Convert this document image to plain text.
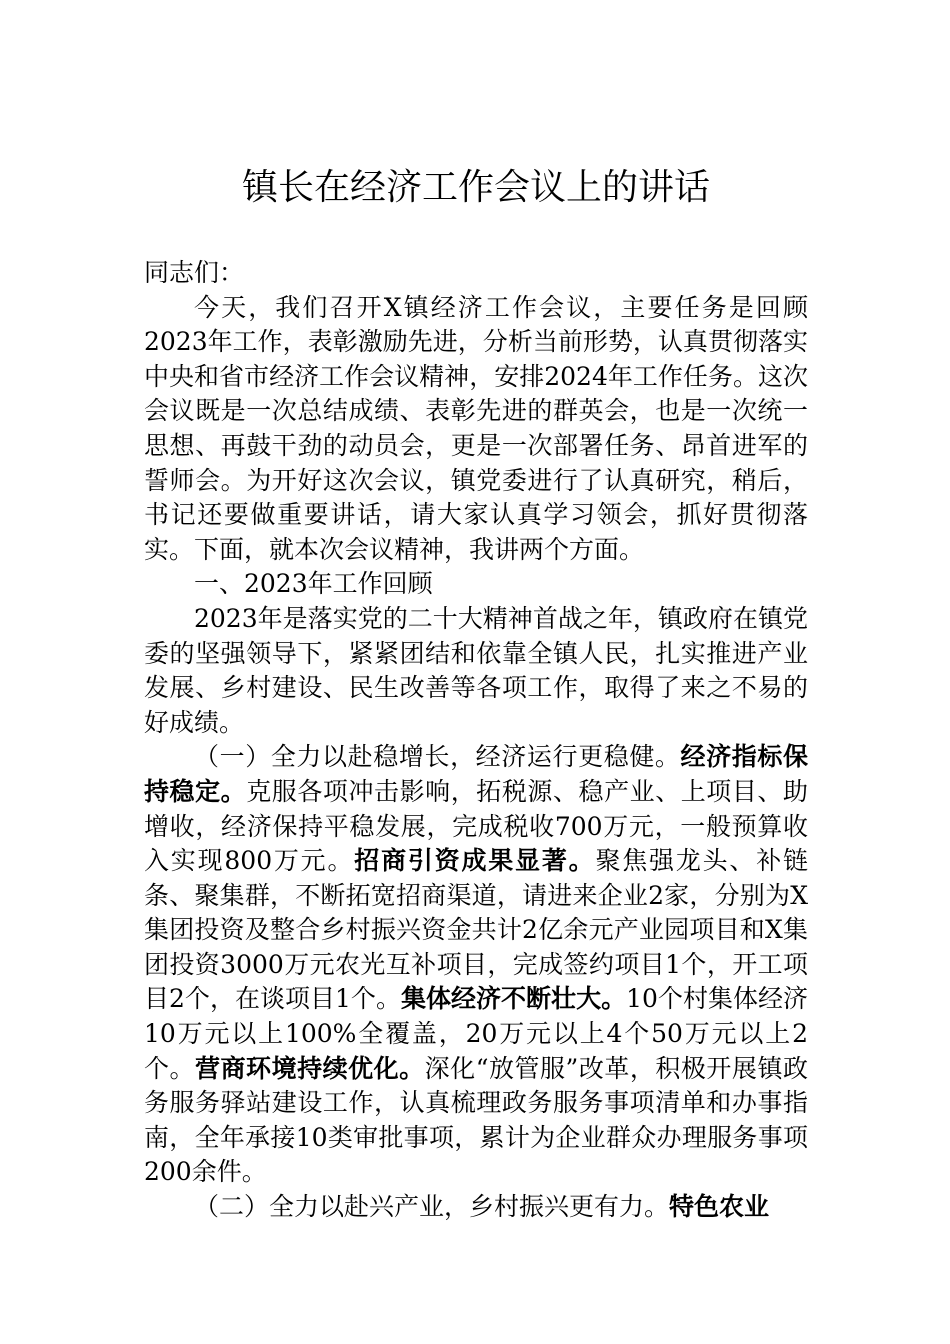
镇长在经济工作会议上的讲话

同志们：

今天，我们召开X镇经济工作会议，主要任务是回顾2023年工作，表彰激励先进，分析当前形势，认真贯彻落实中央和省市经济工作会议精神，安排2024年工作任务。这次会议既是一次总结成绩、表彰先进的群英会，也是一次统一思想、再鼓干劲的动员会，更是一次部署任务、昂首进军的誓师会。为开好这次会议，镇党委进行了认真研究，稍后，书记还要做重要讲话，请大家认真学习领会，抓好贯彻落实。下面，就本次会议精神，我讲两个方面。

一、2023年工作回顾

2023年是落实党的二十大精神首战之年，镇政府在镇党委的坚强领导下，紧紧团结和依靠全镇人民，扎实推进产业发展、乡村建设、民生改善等各项工作，取得了来之不易的好成绩。

（一）全力以赴稳增长，经济运行更稳健。经济指标保持稳定。克服各项冲击影响，拓税源、稳产业、上项目、助增收，经济保持平稳发展，完成税收700万元，一般预算收入实现800万元。招商引资成果显著。聚焦强龙头、补链条、聚集群，不断拓宽招商渠道，请进来企业2家，分别为X集团投资及整合乡村振兴资金共计2亿余元产业园项目和X集团投资3000万元农光互补项目，完成签约项目1个，开工项目2个，在谈项目1个。集体经济不断壮大。10个村集体经济10万元以上100%全覆盖，20万元以上4个50万元以上2个。营商环境持续优化。深化“放管服”改革，积极开展镇政务服务驿站建设工作，认真梳理政务服务事项清单和办事指南，全年承接10类审批事项，累计为企业群众办理服务事项200余件。

（二）全力以赴兴产业，乡村振兴更有力。特色农业
